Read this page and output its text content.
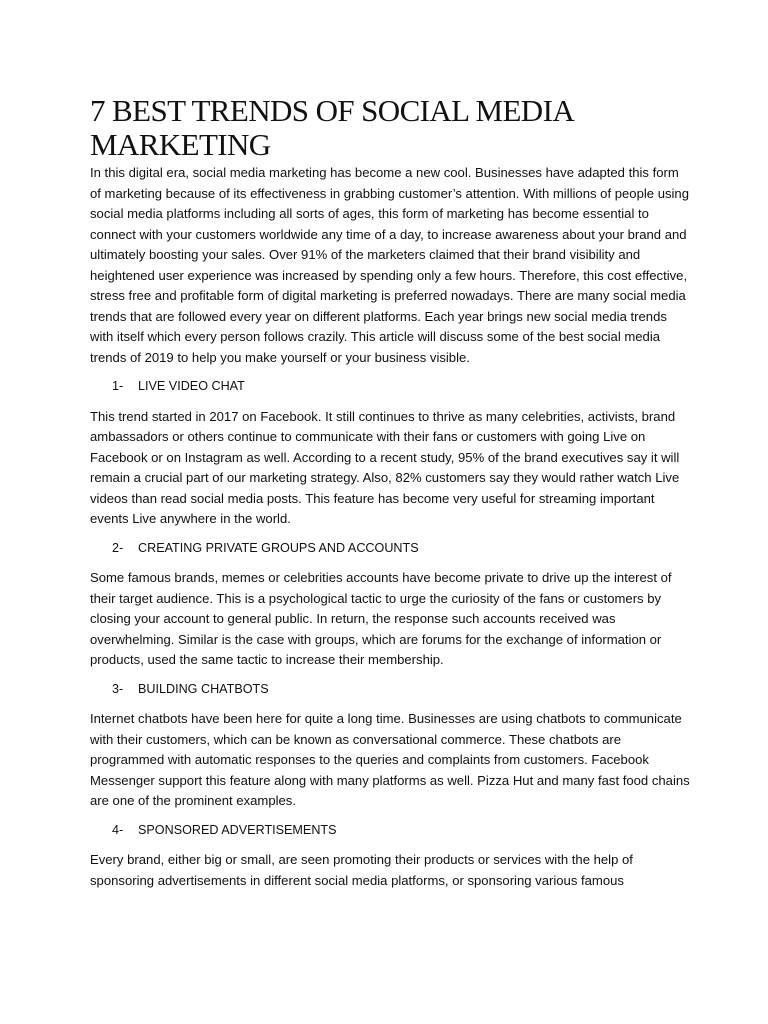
7 BEST TRENDS OF SOCIAL MEDIA MARKETING

In this digital era, social media marketing has become a new cool. Businesses have adapted this form of marketing because of its effectiveness in grabbing customer’s attention. With millions of people using social media platforms including all sorts of ages, this form of marketing has become essential to connect with your customers worldwide any time of a day, to increase awareness about your brand and ultimately boosting your sales. Over 91% of the marketers claimed that their brand visibility and heightened user experience was increased by spending only a few hours. Therefore, this cost effective, stress free and profitable form of digital marketing is preferred nowadays. There are many social media trends that are followed every year on different platforms. Each year brings new social media trends with itself which every person follows crazily. This article will discuss some of the best social media trends of 2019 to help you make yourself or your business visible.

1- LIVE VIDEO CHAT

This trend started in 2017 on Facebook. It still continues to thrive as many celebrities, activists, brand ambassadors or others continue to communicate with their fans or customers with going Live on Facebook or on Instagram as well. According to a recent study, 95% of the brand executives say it will remain a crucial part of our marketing strategy. Also, 82% customers say they would rather watch Live videos than read social media posts. This feature has become very useful for streaming important events Live anywhere in the world.

2- CREATING PRIVATE GROUPS AND ACCOUNTS

Some famous brands, memes or celebrities accounts have become private to drive up the interest of their target audience. This is a psychological tactic to urge the curiosity of the fans or customers by closing your account to general public. In return, the response such accounts received was overwhelming. Similar is the case with groups, which are forums for the exchange of information or products, used the same tactic to increase their membership.

3- BUILDING CHATBOTS

Internet chatbots have been here for quite a long time. Businesses are using chatbots to communicate with their customers, which can be known as conversational commerce. These chatbots are programmed with automatic responses to the queries and complaints from customers. Facebook Messenger support this feature along with many platforms as well. Pizza Hut and many fast food chains are one of the prominent examples.

4- SPONSORED ADVERTISEMENTS

Every brand, either big or small, are seen promoting their products or services with the help of sponsoring advertisements in different social media platforms, or sponsoring various famous
